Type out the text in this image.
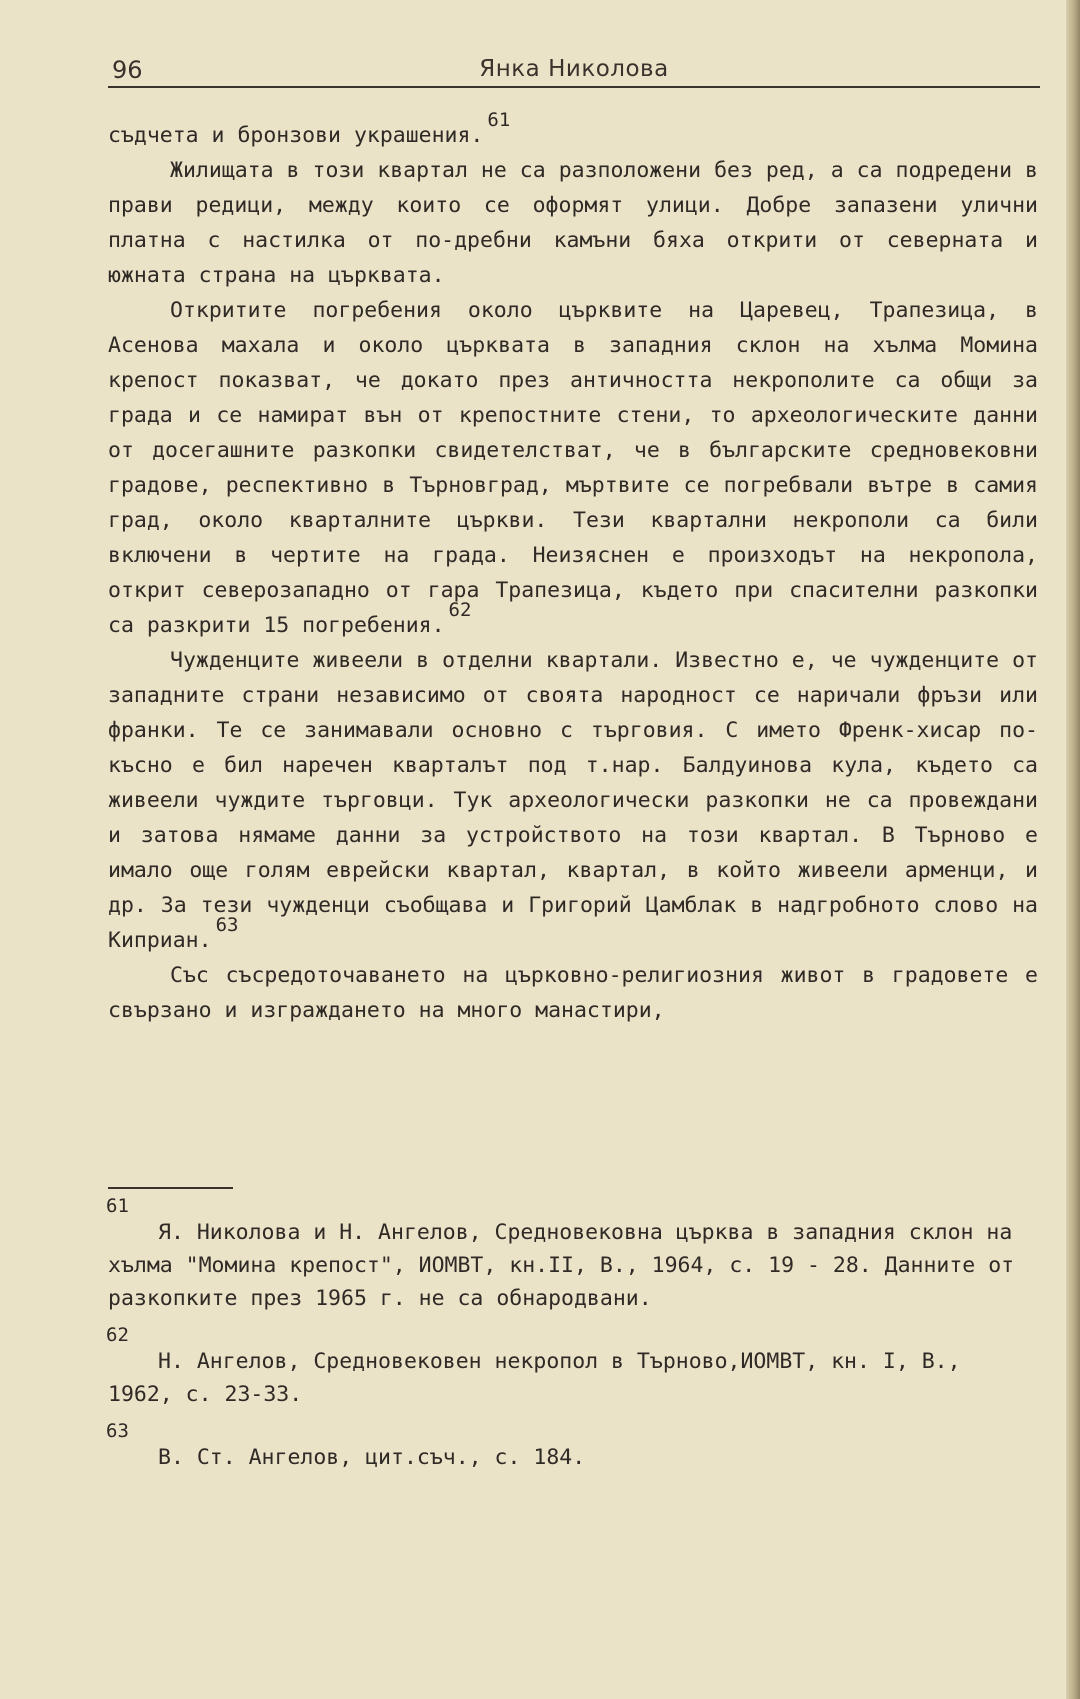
96	Янка Николова

съдчета и бронзови украшения.$^{61}$

Жилищата в този квартал не са разположени без ред, а са подредени в прави редици, между които се оформят улици. Добре запазени улични платна с настилка от по-дребни камъни бяха открити от северната и южната страна на църквата.

Откритите погребения около църквите на Царевец, Трапезица, в Асенова махала и около църквата в западния склон на хълма Момина крепост показват, че докато през античността некрополите са общи за града и се намират вън от крепостните стени, то археологическите данни от досегашните разкопки свидетелстват, че в българските средновековни градове, респективно в Търновград, мъртвите се погребвали вътре в самия град, около кварталните църкви. Тези квартални некрополи са били включени в чертите на града. Неизяснен е произходът на некропола, открит северозападно от гара Трапезица, където при спасителни разкопки са разкрити 15 погребения.$^{62}$

Чужденците живеели в отделни квартали. Известно е, че чужденците от западните страни независимо от своята народност се наричали фръзи или франки. Те се занимавали основно с търговия. С името Френк-хисар по-късно е бил наречен кварталът под т.нар. Балдуинова кула, където са живеели чуждите търговци. Тук археологически разкопки не са провеждани и затова нямаме данни за устройството на този квартал. В Търново е имало още голям еврейски квартал, квартал, в който живеели арменци, и др. За тези чужденци съобщава и Григорий Цамблак в надгробното слово на Киприан.$^{63}$

Със съсредоточаването на църковно-религиозния живот в градовете е свързано и изграждането на много манастири,

61
Я. Николова и Н. Ангелов, Средновековна църква в западния склон на хълма "Момина крепост", ИОМВТ, кн.II, В., 1964, с. 19 - 28. Данните от разкопките през 1965 г. не са обнародвани.
62
Н. Ангелов, Средновековен некропол в Търново,ИОМВТ, кн. I, В., 1962, с. 23-33.
63
В. Ст. Ангелов, цит.съч., с. 184.
